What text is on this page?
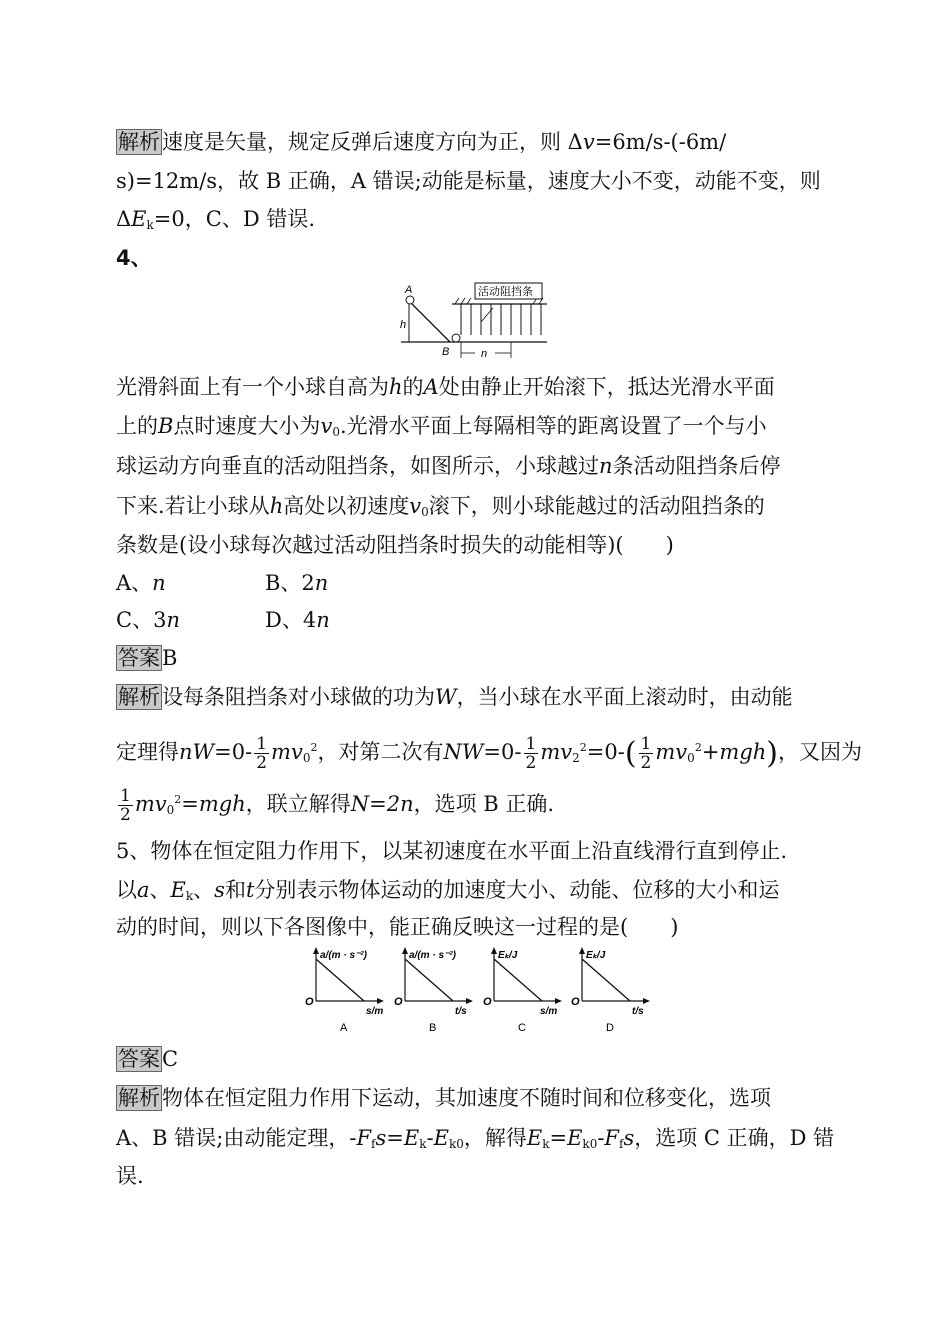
解析速度是矢量，规定反弹后速度方向为正，则 Δv=6m/s-(-6m/
s)=12m/s，故 B 正确，A 错误;动能是标量，速度大小不变，动能不变，则
$\Delta E_k=0$，C、D 错误.
4、
A
h
B
活动阻挡条
n
光滑斜面上有一个小球自高为h的A处由静止开始滚下，抵达光滑水平面
上的B点时速度大小为$v_0$.光滑水平面上每隔相等的距离设置了一个与小
球运动方向垂直的活动阻挡条，如图所示，小球越过n条活动阻挡条后停
下来.若让小球从h高处以初速度$v_0$滚下，则小球能越过的活动阻挡条的
条数是(设小球每次越过活动阻挡条时损失的动能相等)(　　)
A、n	B、2n
C、3n	D、4n
答案B
解析设每条阻挡条对小球做的功为W，当小球在水平面上滚动时，由动能
定理得$nW=0- \frac{1}{2} mv_0^2$，对第二次有$NW=0- \frac{1}{2} mv_2^2=0-( \frac{1}{2} mv_0^2+mgh)$，又因为
$\frac{1}{2} mv_0^2=mgh$，联立解得N=2n，选项 B 正确.
5、物体在恒定阻力作用下，以某初速度在水平面上沿直线滑行直到停止.
以a、$E_k$、s和t分别表示物体运动的加速度大小、动能、位移的大小和运
动的时间，则以下各图像中，能正确反映这一过程的是(　　)
a/(m · s⁻²)
O
s/m
A
a/(m · s⁻²)
O
t/s
B
Eₖ/J
O
s/m
C
Eₖ/J
O
t/s
D
答案C
解析物体在恒定阻力作用下运动，其加速度不随时间和位移变化，选项
A、B 错误;由动能定理，$-F_fs=E_k-E_{k0}$，解得$E_k=E_{k0}-F_fs$，选项 C 正确，D 错
误.
